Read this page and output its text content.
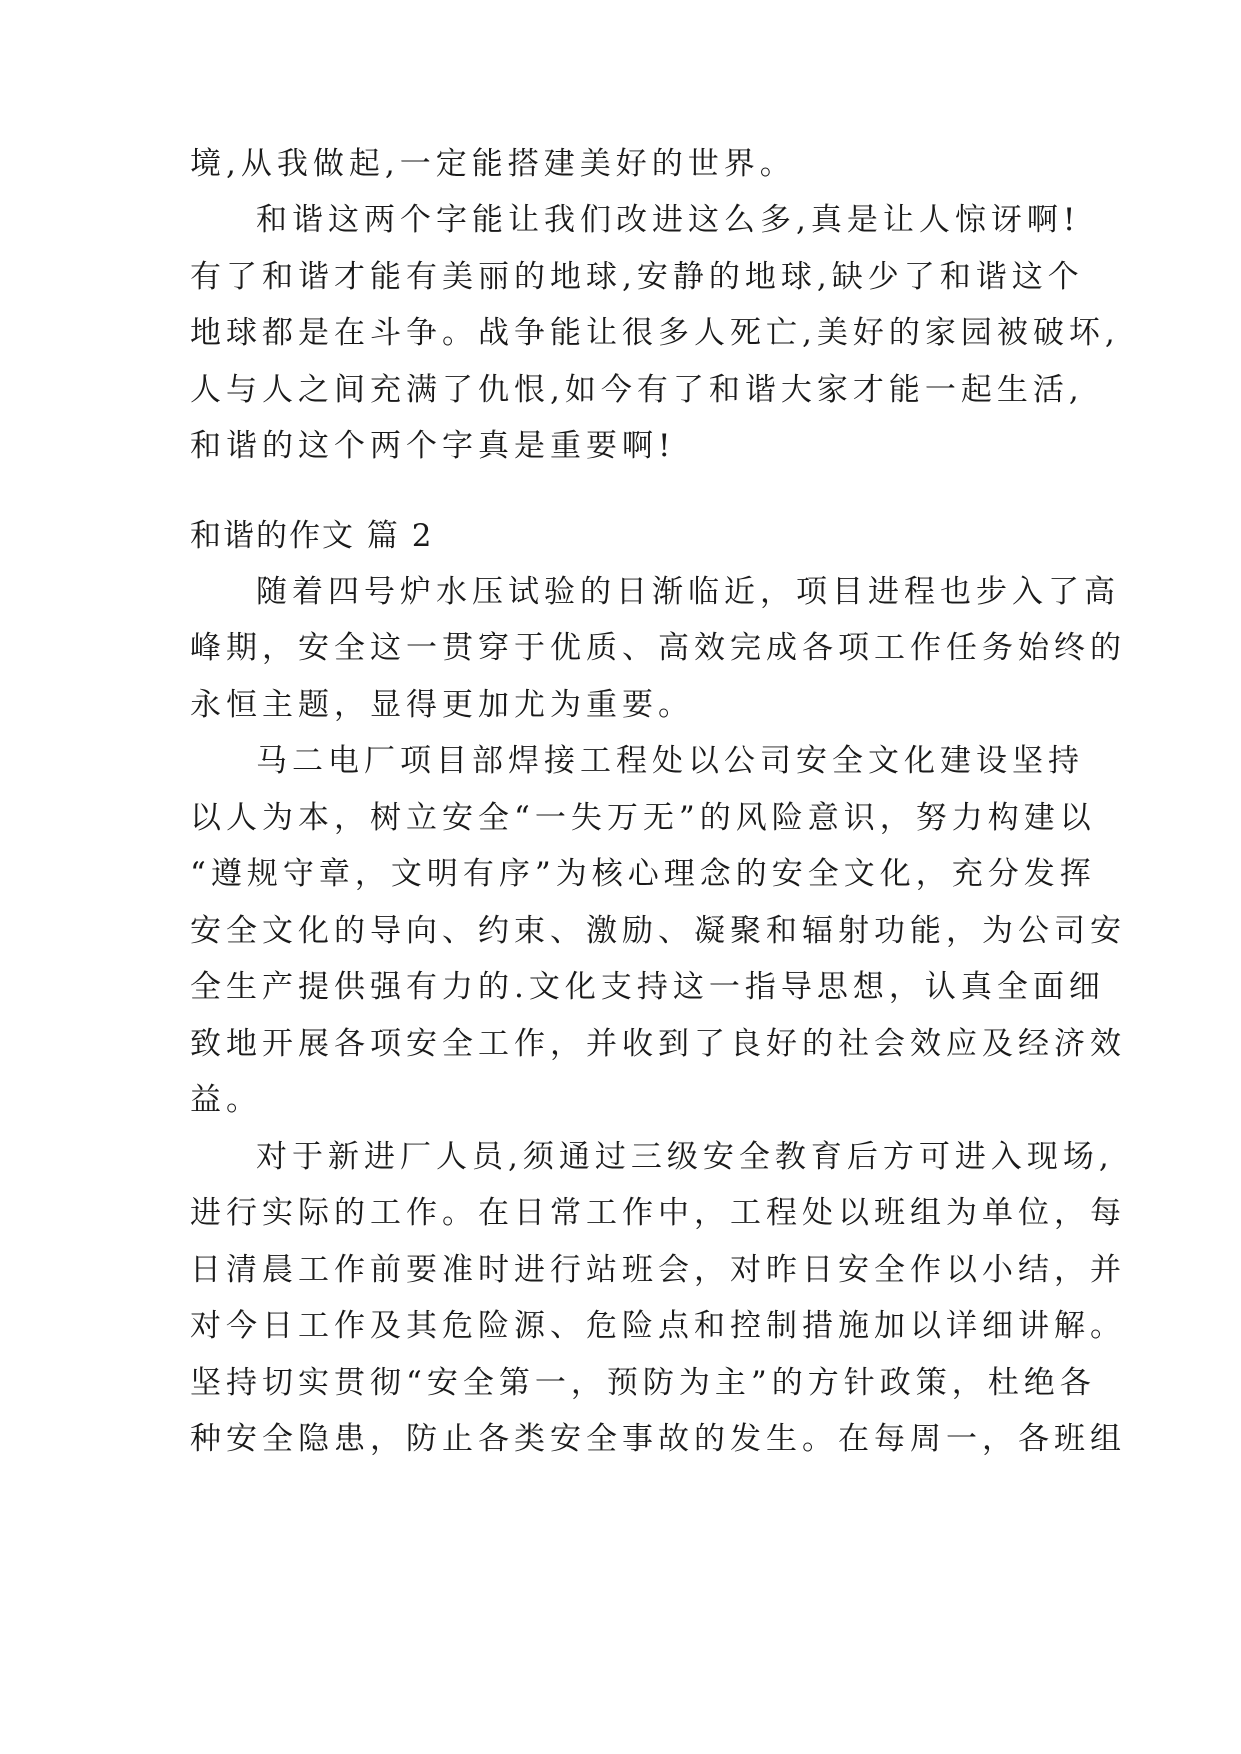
境,从我做起,一定能搭建美好的世界。
和谐这两个字能让我们改进这么多,真是让人惊讶啊!
有了和谐才能有美丽的地球,安静的地球,缺少了和谐这个
地球都是在斗争。战争能让很多人死亡,美好的家园被破坏,
人与人之间充满了仇恨,如今有了和谐大家才能一起生活,
和谐的这个两个字真是重要啊!
和谐的作文 篇 2
随着四号炉水压试验的日渐临近，项目进程也步入了高
峰期，安全这一贯穿于优质、高效完成各项工作任务始终的
永恒主题，显得更加尤为重要。
马二电厂项目部焊接工程处以公司安全文化建设坚持
以人为本，树立安全“一失万无”的风险意识，努力构建以
“遵规守章，文明有序”为核心理念的安全文化，充分发挥
安全文化的导向、约束、激励、凝聚和辐射功能，为公司安
全生产提供强有力的.文化支持这一指导思想，认真全面细
致地开展各项安全工作，并收到了良好的社会效应及经济效
益。
对于新进厂人员,须通过三级安全教育后方可进入现场,
进行实际的工作。在日常工作中，工程处以班组为单位，每
日清晨工作前要准时进行站班会，对昨日安全作以小结，并
对今日工作及其危险源、危险点和控制措施加以详细讲解。
坚持切实贯彻“安全第一，预防为主”的方针政策，杜绝各
种安全隐患，防止各类安全事故的发生。在每周一，各班组
